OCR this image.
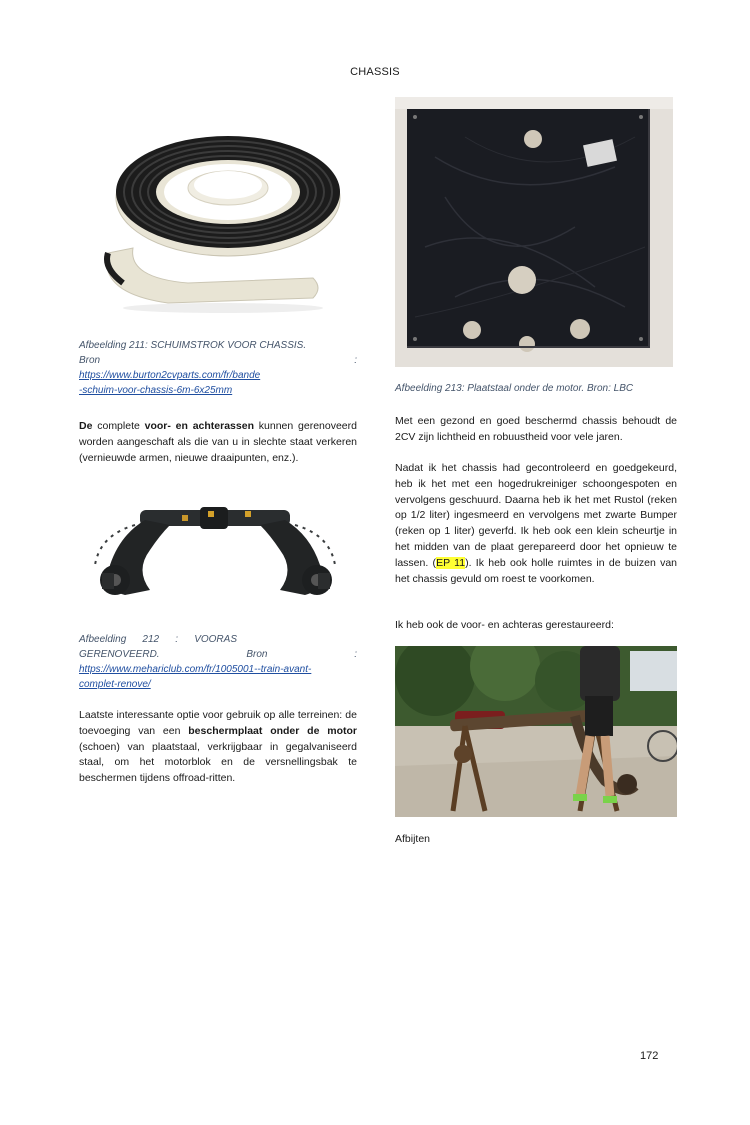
CHASSIS
Afbeelding 211: SCHUIMSTROK VOOR CHASSIS.
Bron	:
https://www.burton2cvparts.com/fr/bande
-schuim-voor-chassis-6m-6x25mm

De complete voor- en achterassen kunnen gerenoveerd worden aangeschaft als die van u in slechte staat verkeren (vernieuwde armen, nieuwe draaipunten, enz.).

Afbeelding 212 : VOORAS
GERENOVEERD.	Bron	:
https://www.mehariclub.com/fr/1005001--train-avant-
complet-renove/

Laatste interessante optie voor gebruik op alle terreinen: de toevoeging van een beschermplaat onder de motor (schoen) van plaatstaal, verkrijgbaar in gegalvaniseerd staal, om het motorblok en de versnellingsbak te beschermen tijdens offroad-ritten.

Afbeelding 213: Plaatstaal onder de motor. Bron: LBC

Met een gezond en goed beschermd chassis behoudt de 2CV zijn lichtheid en robuustheid voor vele jaren.

Nadat ik het chassis had gecontroleerd en goedgekeurd, heb ik het met een hogedrukreiniger schoongespoten en vervolgens geschuurd. Daarna heb ik het met Rustol (reken op 1/2 liter) ingesmeerd en vervolgens met zwarte Bumper (reken op 1 liter) geverfd. Ik heb ook een klein scheurtje in het midden van de plaat gerepareerd door het opnieuw te lassen. (EP 11). Ik heb ook holle ruimtes in de buizen van het chassis gevuld om roest te voorkomen.

Ik heb ook de voor- en achteras gerestaureerd:

Afbijten
172
